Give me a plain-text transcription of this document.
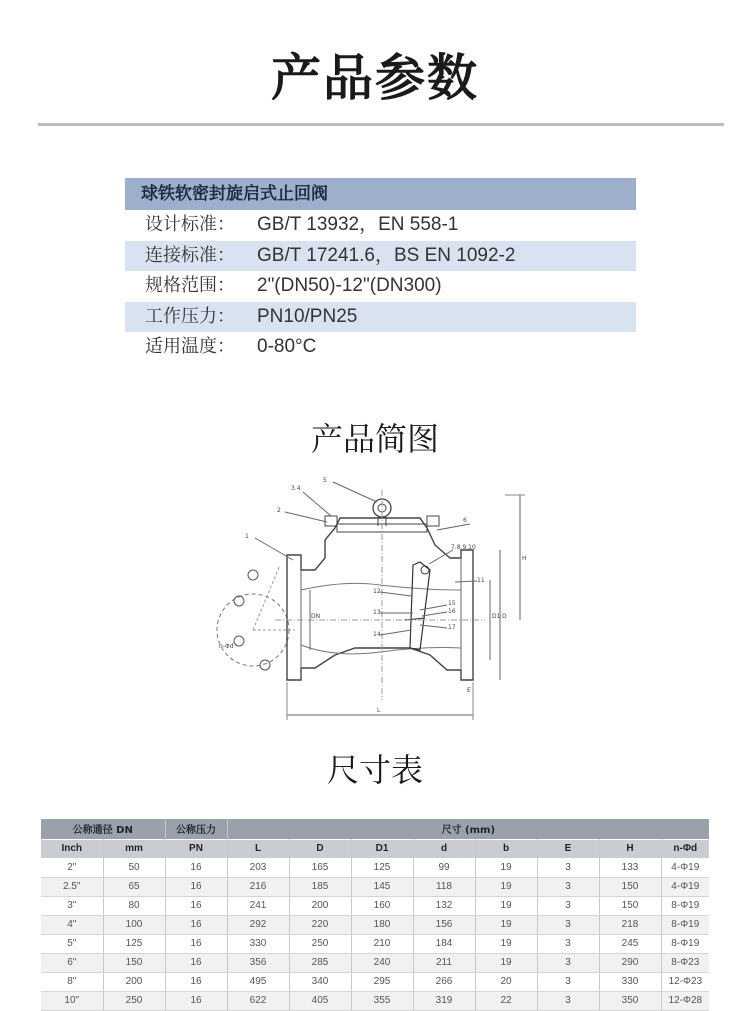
产品参数
球铁软密封旋启式止回阀
设计标准：	GB/T 13932，EN 558-1
连接标准：	GB/T 17241.6，BS EN 1092-2
规格范围：	2"(DN50)-12"(DN300)
工作压力：	PN10/PN25
适用温度：	0-80°C
产品简图
1
2
3.4
5
6
7.8.9.10
11
12
13
14
15
16
17
L
H
E
D
D1
DN
n-Φd
尺寸表
公称通径 DN		公称压力	尺寸 (mm)							
Inch	mm	PN	L	D	D1	d	b	E	H	n-Φd
2"	50	16	203	165	125	99	19	3	133	4-Φ19
2.5"	65	16	216	185	145	118	19	3	150	4-Φ19
3"	80	16	241	200	160	132	19	3	150	8-Φ19
4"	100	16	292	220	180	156	19	3	218	8-Φ19
5"	125	16	330	250	210	184	19	3	245	8-Φ19
6"	150	16	356	285	240	211	19	3	290	8-Φ23
8"	200	16	495	340	295	266	20	3	330	12-Φ23
10"	250	16	622	405	355	319	22	3	350	12-Φ28
